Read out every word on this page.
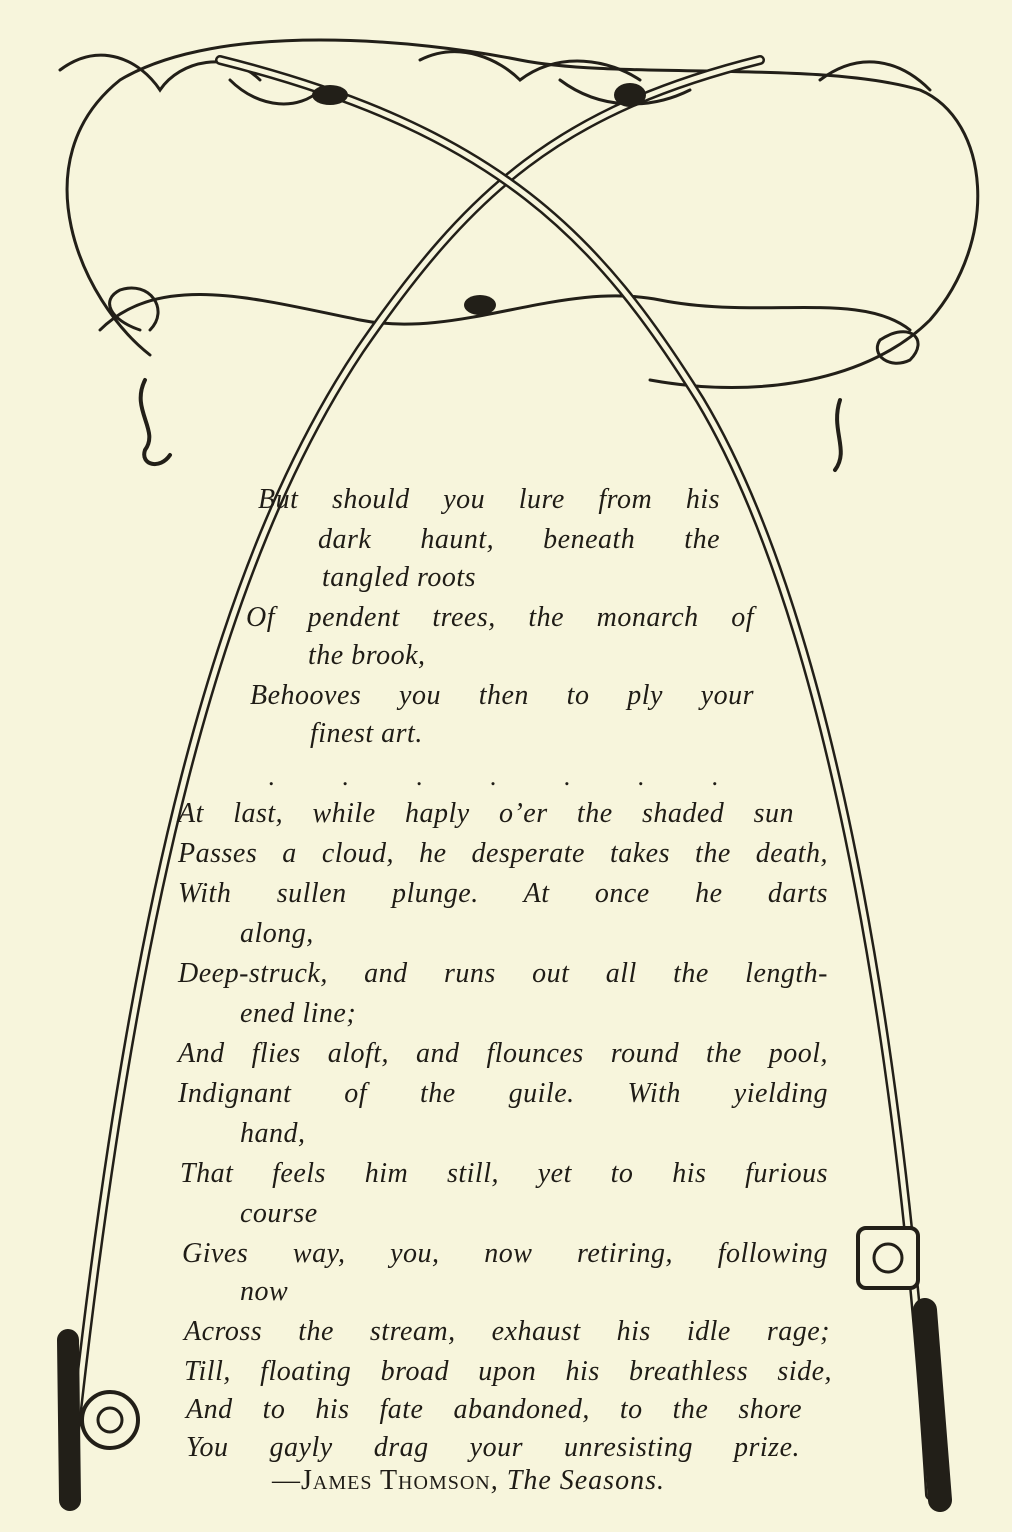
But should you lure from his
dark haunt, beneath the
tangled roots
Of pendent trees, the monarch of
the brook,
Behooves you then to ply your
finest art.
.	.	.	.	.	.	.
At last, while haply o’er the shaded sun
Passes a cloud, he desperate takes the death,
With sullen plunge. At once he darts
along,
Deep-struck, and runs out all the length-
ened line;
And flies aloft, and flounces round the pool,
Indignant of the guile. With yielding
hand,
That feels him still, yet to his furious
course
Gives way, you, now retiring, following
now
Across the stream, exhaust his idle rage;
Till, floating broad upon his breathless side,
And to his fate abandoned, to the shore
You gayly drag your unresisting prize.
—James Thomson, The Seasons.
